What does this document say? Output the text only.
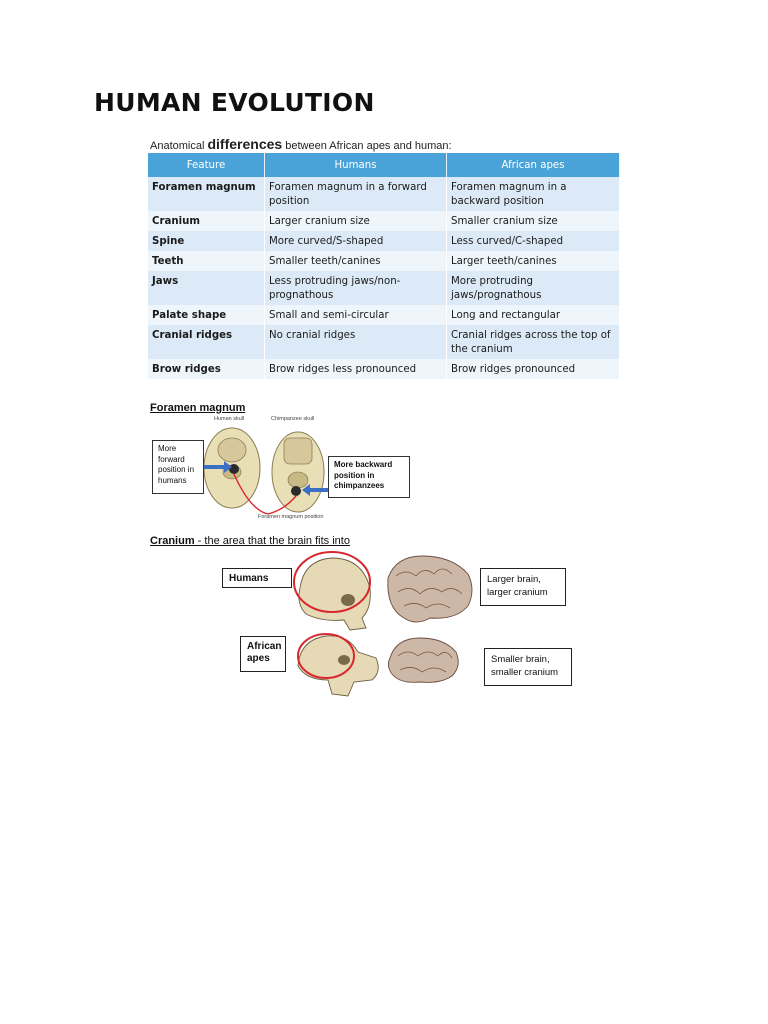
HUMAN EVOLUTION
Anatomical differences between African apes and human:
Feature	Humans	African apes
Foramen magnum	Foramen magnum in a forward position	Foramen magnum in a backward position
Cranium	Larger cranium size	Smaller cranium size
Spine	More curved/S-shaped	Less curved/C-shaped
Teeth	Smaller teeth/canines	Larger teeth/canines
Jaws	Less protruding jaws/non-prognathous	More protruding jaws/prognathous
Palate shape	Small and semi-circular	Long and rectangular
Cranial ridges	No cranial ridges	Cranial ridges across the top of the cranium
Brow ridges	Brow ridges less pronounced	Brow ridges pronounced
Foramen magnum
Human skull	Chimpanzee skull
More forward position in humans
More backward position in chimpanzees
Foramen magnum position
Cranium - the area that the brain fits into
Humans
African apes
Larger brain, larger cranium
Smaller brain, smaller cranium
